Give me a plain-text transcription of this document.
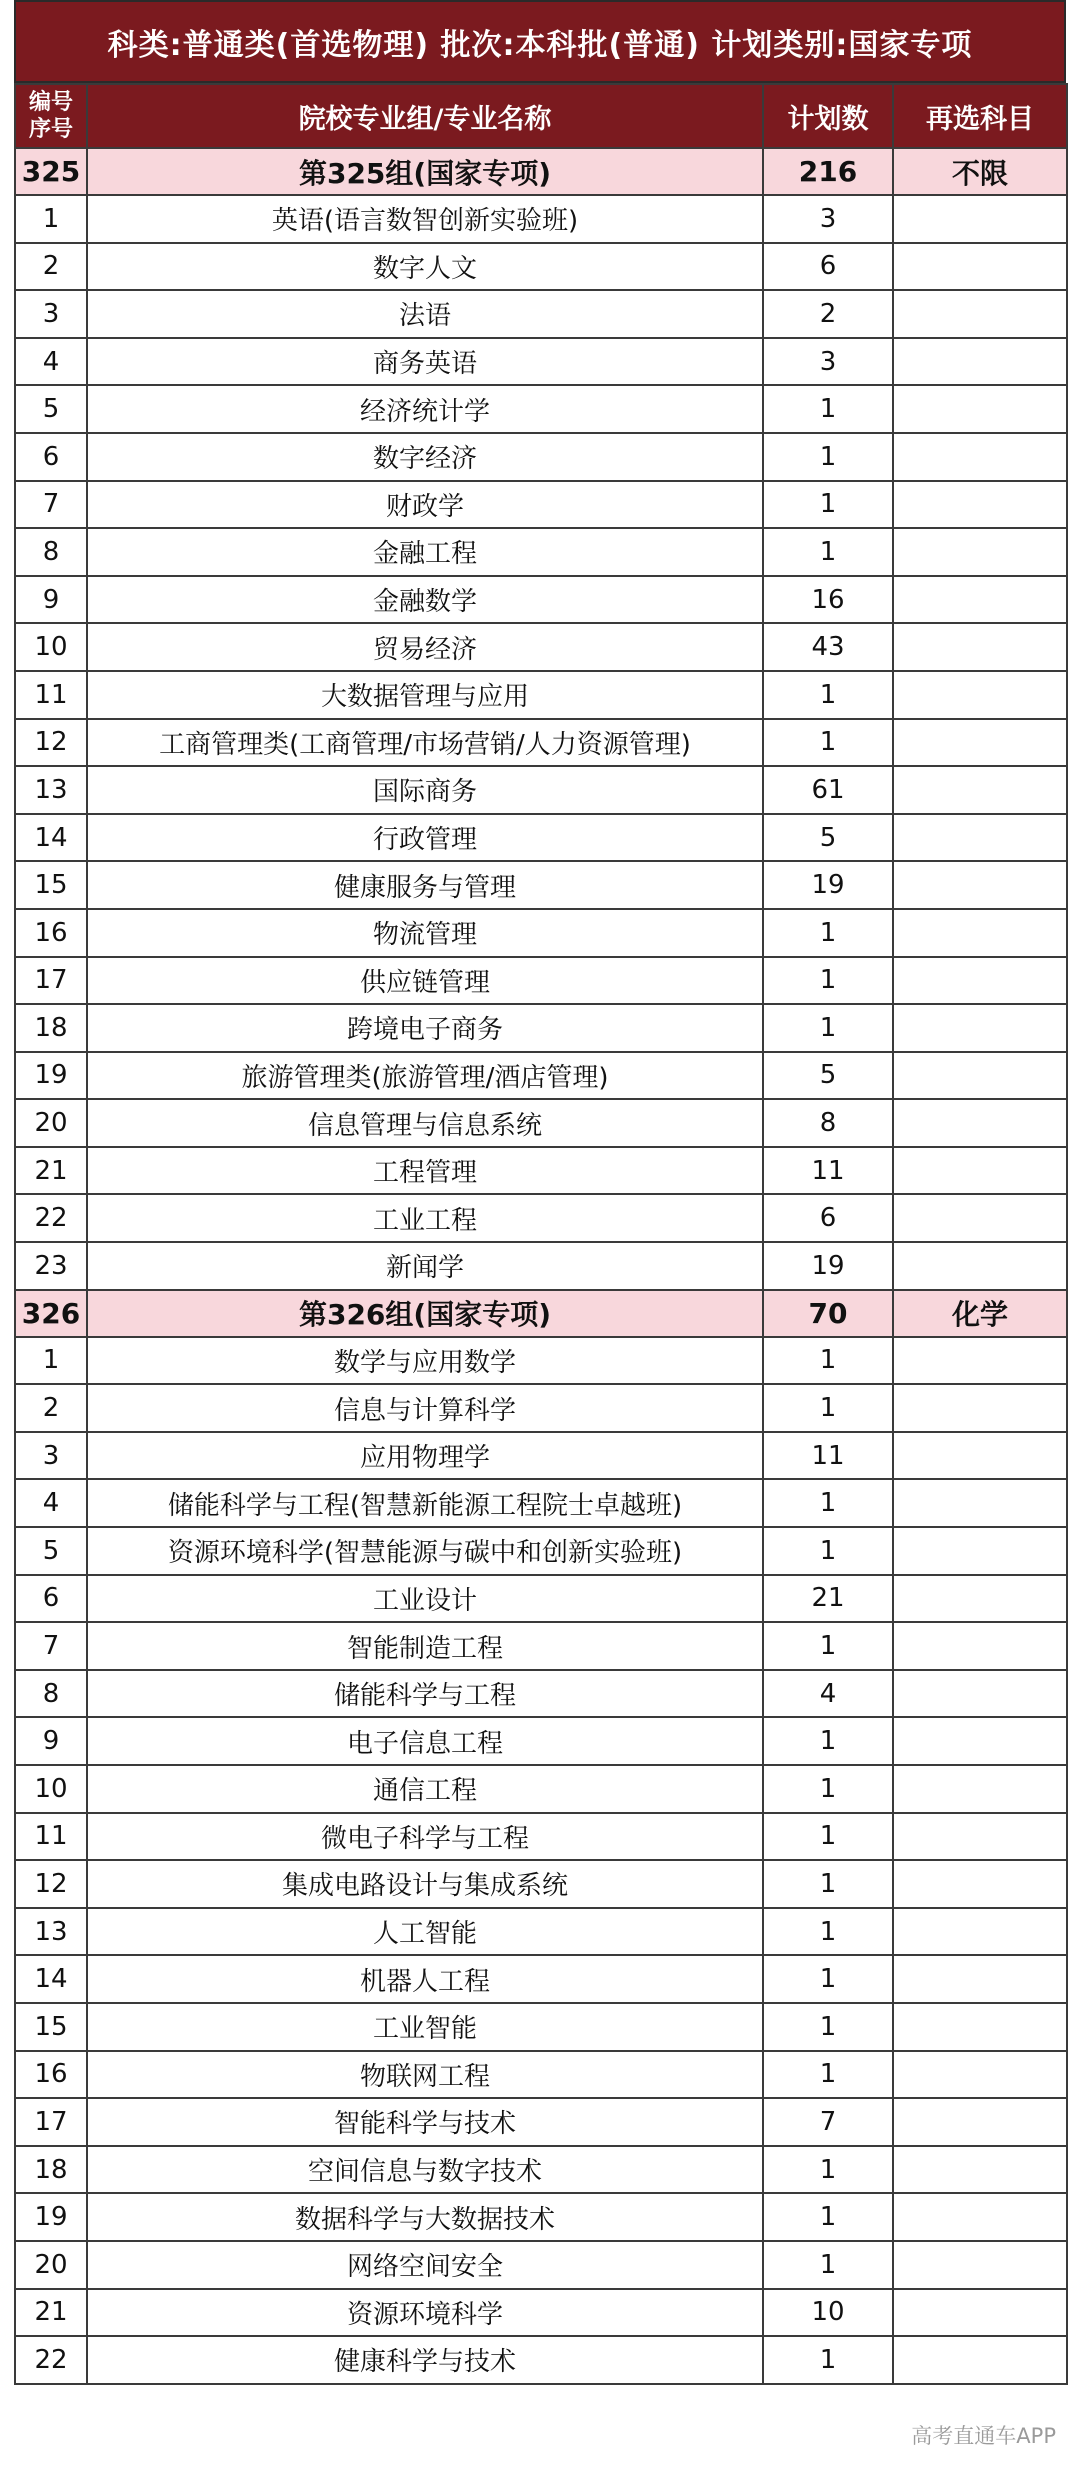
科类:普通类(首选物理) 批次:本科批(普通) 计划类别:国家专项
编号
序号	院校专业组/专业名称	计划数	再选科目
325	第325组(国家专项)	216	不限
1	英语(语言数智创新实验班)	3	
2	数字人文	6	
3	法语	2	
4	商务英语	3	
5	经济统计学	1	
6	数字经济	1	
7	财政学	1	
8	金融工程	1	
9	金融数学	16	
10	贸易经济	43	
11	大数据管理与应用	1	
12	工商管理类(工商管理/市场营销/人力资源管理)	1	
13	国际商务	61	
14	行政管理	5	
15	健康服务与管理	19	
16	物流管理	1	
17	供应链管理	1	
18	跨境电子商务	1	
19	旅游管理类(旅游管理/酒店管理)	5	
20	信息管理与信息系统	8	
21	工程管理	11	
22	工业工程	6	
23	新闻学	19	
326	第326组(国家专项)	70	化学
1	数学与应用数学	1	
2	信息与计算科学	1	
3	应用物理学	11	
4	储能科学与工程(智慧新能源工程院士卓越班)	1	
5	资源环境科学(智慧能源与碳中和创新实验班)	1	
6	工业设计	21	
7	智能制造工程	1	
8	储能科学与工程	4	
9	电子信息工程	1	
10	通信工程	1	
11	微电子科学与工程	1	
12	集成电路设计与集成系统	1	
13	人工智能	1	
14	机器人工程	1	
15	工业智能	1	
16	物联网工程	1	
17	智能科学与技术	7	
18	空间信息与数字技术	1	
19	数据科学与大数据技术	1	
20	网络空间安全	1	
21	资源环境科学	10	
22	健康科学与技术	1	
高考直通车APP
